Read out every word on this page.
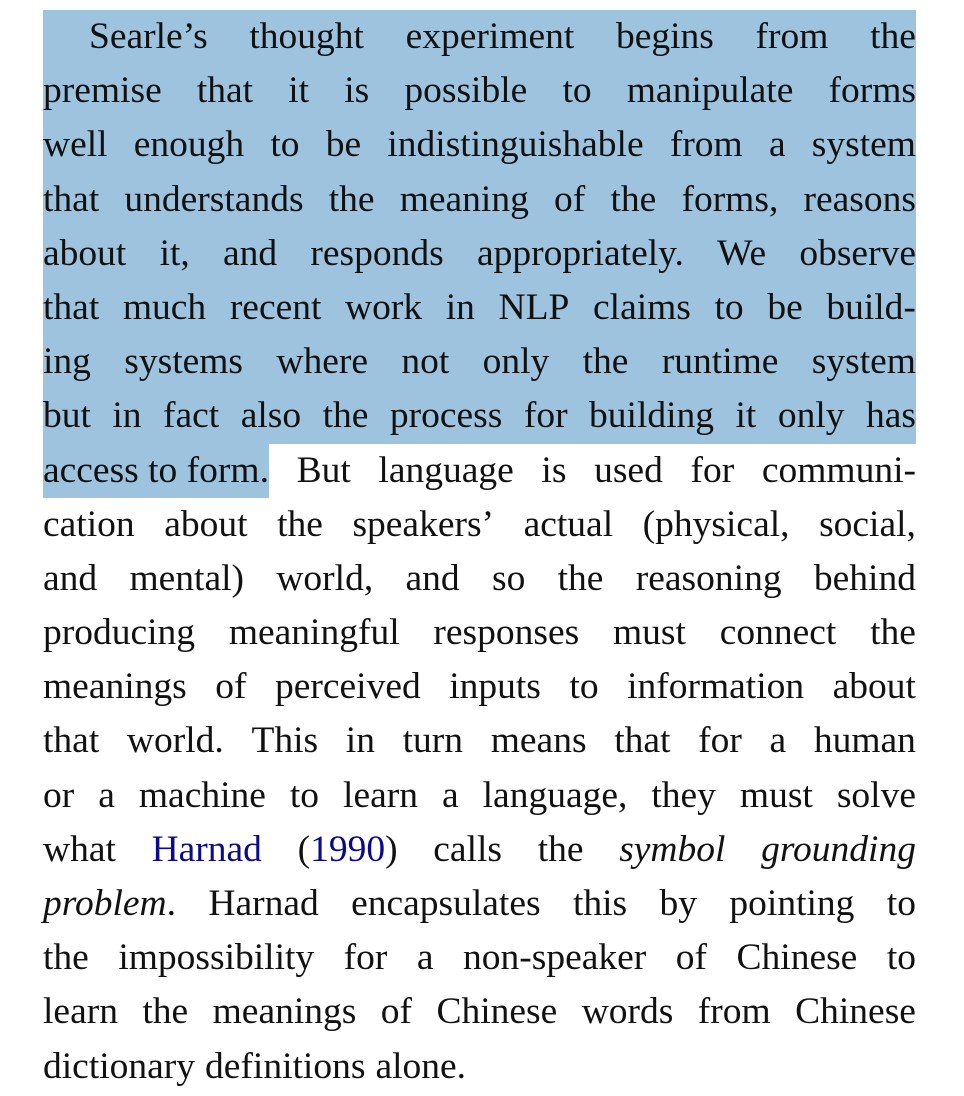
Searle’s thought experiment begins from the
premise that it is possible to manipulate forms
well enough to be indistinguishable from a system
that understands the meaning of the forms, reasons
about it, and responds appropriately. We observe
that much recent work in NLP claims to be build-
ing systems where not only the runtime system
but in fact also the process for building it only has
access to form. But language is used for communi-
cation about the speakers’ actual (physical, social,
and mental) world, and so the reasoning behind
producing meaningful responses must connect the
meanings of perceived inputs to information about
that world. This in turn means that for a human
or a machine to learn a language, they must solve
what Harnad (1990) calls the symbol grounding
problem. Harnad encapsulates this by pointing to
the impossibility for a non-speaker of Chinese to
learn the meanings of Chinese words from Chinese
dictionary definitions alone.
